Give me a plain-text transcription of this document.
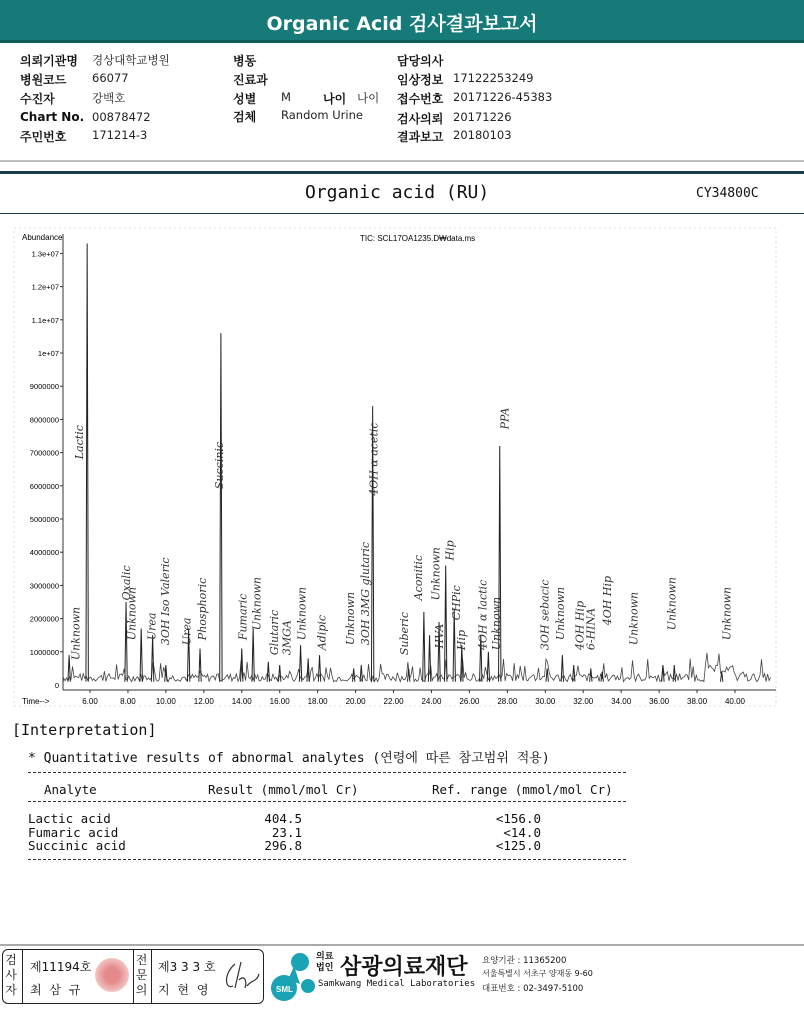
Organic Acid 검사결과보고서
의뢰기관명 경상대학교병원
병원코드 66077
수진자	강백호
Chart No. 00878472
주민번호 171214-3
병동
진료과
성별 M
검체 Random Urine
나이 나이
담당의사
임상정보 17122253249
접수번호 20171226-45383
검사의뢰 20171226
결과보고 20180103
Organic acid (RU)	CY34800C
Abundance	TIC: SCL17OA1235.D₩data.ms
Time-->
1000000
2000000
3000000
4000000
5000000
6000000
7000000
8000000
9000000
1e+07
1.1e+07
1.2e+07
1.3e+07
0
6.00	8.00	10.00 12.00 14.00 16.00 18.00 20.00 22.00 24.00 26.00 28.00 30.00 32.00 34.00 36.00 38.00 40.00
Unknown
Lactic
Oxalic
Unknown Urea 3OH Iso Valeric Urea Phosphoric
Succinic
Fumaric Unknown
Glutaric 3MGA Unknown Adipic Unknown 3OH 3MG glutaric
4OH α acetic
Suberic
Aconitic Unknown
HVA
Hip
CHPic
Hip 4OH α lactic Unknown
PPA
3OH sebacic Unknown 4OH Hip
6-HINA
4OH Hip Unknown Unknown	Unknown
[Interpretation]
* Quantitative results of abnormal analytes (연령에 따른 참고범위 적용)
Analyte	Result (mmol/mol Cr)	Ref. range (mmol/mol Cr)
Lactic acid	404.5	<156.0
Fumaric acid	23.1	<14.0
Succinic acid	296.8	<125.0
검사자
제11194호
최 삼 규
전문의
제3 3 3 호
지 현 영	SML
의료법인 삼광의료재단
Samkwang Medical Laboratories
요양기관 : 11365200
서울특별시 서초구 양재동 9-60
대표번호 : 02-3497-5100
